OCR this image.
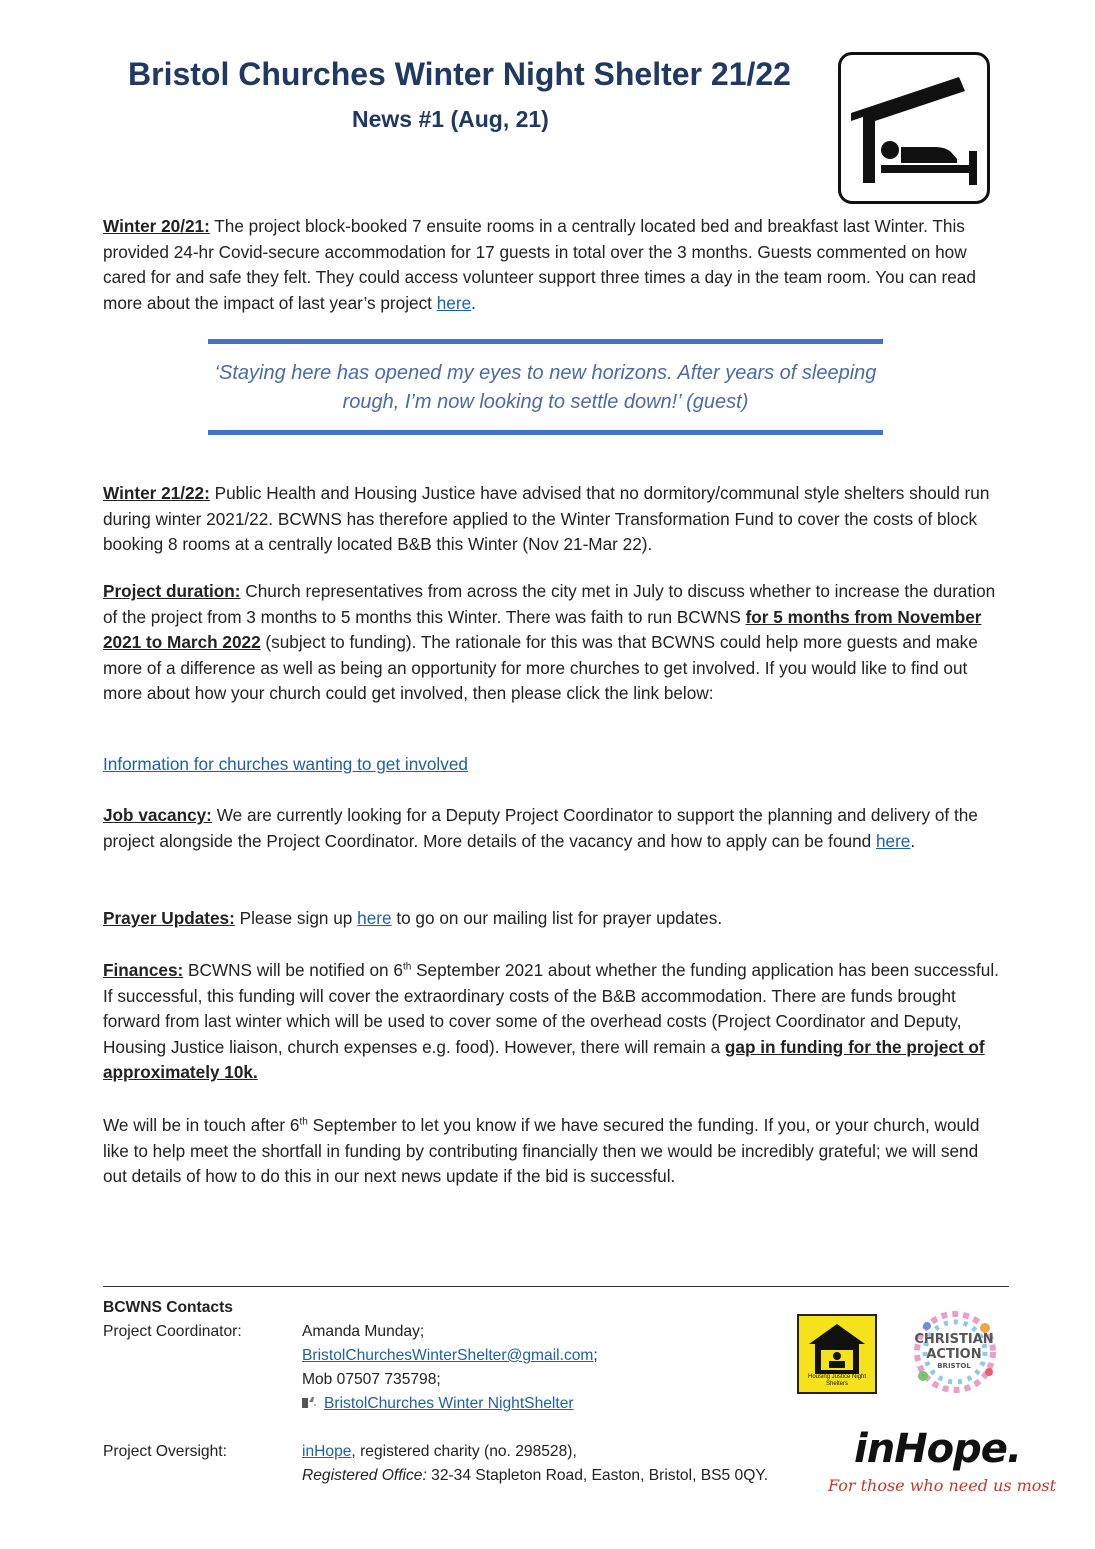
Bristol Churches Winter Night Shelter 21/22
News #1 (Aug, 21)
Winter 20/21: The project block-booked 7 ensuite rooms in a centrally located bed and breakfast last Winter. This provided 24-hr Covid-secure accommodation for 17 guests in total over the 3 months. Guests commented on how cared for and safe they felt. They could access volunteer support three times a day in the team room. You can read more about the impact of last year’s project here.
‘Staying here has opened my eyes to new horizons. After years of sleeping
rough, I’m now looking to settle down!’ (guest)
Winter 21/22: Public Health and Housing Justice have advised that no dormitory/communal style shelters should run during winter 2021/22. BCWNS has therefore applied to the Winter Transformation Fund to cover the costs of block booking 8 rooms at a centrally located B&B this Winter (Nov 21-Mar 22).
Project duration: Church representatives from across the city met in July to discuss whether to increase the duration of the project from 3 months to 5 months this Winter. There was faith to run BCWNS for 5 months from November 2021 to March 2022 (subject to funding). The rationale for this was that BCWNS could help more guests and make more of a difference as well as being an opportunity for more churches to get involved. If you would like to find out more about how your church could get involved, then please click the link below:
Information for churches wanting to get involved
Job vacancy: We are currently looking for a Deputy Project Coordinator to support the planning and delivery of the project alongside the Project Coordinator. More details of the vacancy and how to apply can be found here.
Prayer Updates: Please sign up here to go on our mailing list for prayer updates.
Finances: BCWNS will be notified on 6th September 2021 about whether the funding application has been successful. If successful, this funding will cover the extraordinary costs of the B&B accommodation. There are funds brought forward from last winter which will be used to cover some of the overhead costs (Project Coordinator and Deputy, Housing Justice liaison, church expenses e.g. food). However, there will remain a gap in funding for the project of approximately 10k.
We will be in touch after 6th September to let you know if we have secured the funding. If you, or your church, would like to help meet the shortfall in funding by contributing financially then we would be incredibly grateful; we will send out details of how to do this in our next news update if the bid is successful.
BCWNS Contacts
Project Coordinator:	Amanda Munday;
BristolChurchesWinterShelter@gmail.com;
Mob 07507 735798;
BristolChurches Winter NightShelter
Project Oversight:	inHope, registered charity (no. 298528),
Registered Office: 32-34 Stapleton Road, Easton, Bristol, BS5 0QY.
Housing Justice Night Shelters
CHRISTIAN
ACTION
BRISTOL
inHope.
For those who need us most
